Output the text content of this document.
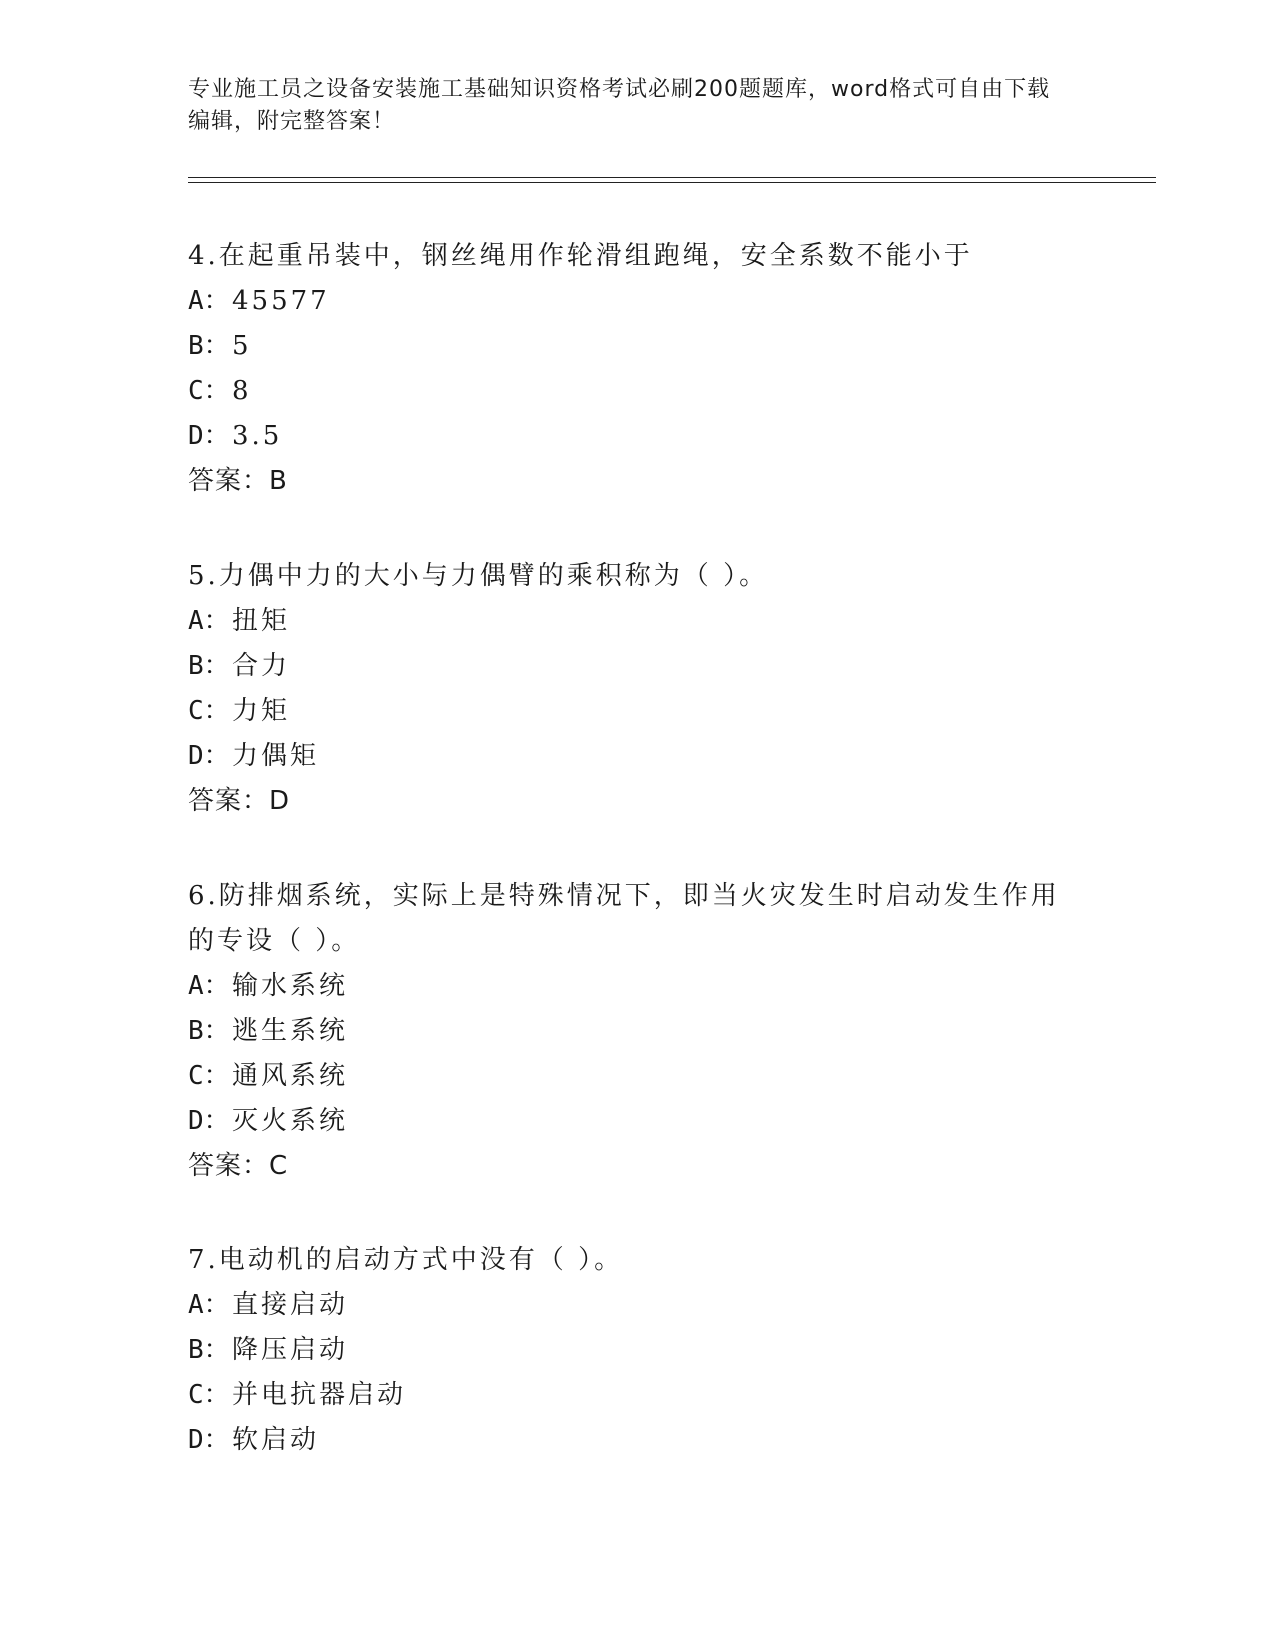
专业施工员之设备安装施工基础知识资格考试必刷200题题库，word格式可自由下载编辑，附完整答案！

4.在起重吊装中，钢丝绳用作轮滑组跑绳，安全系数不能小于

A：45577

B：5

C：8

D：3.5

答案：B

5.力偶中力的大小与力偶臂的乘积称为（ ）。

A：扭矩

B：合力

C：力矩

D：力偶矩

答案：D

6.防排烟系统，实际上是特殊情况下，即当火灾发生时启动发生作用的专设（ ）。

A：输水系统

B：逃生系统

C：通风系统

D：灭火系统

答案：C

7.电动机的启动方式中没有（ ）。

A：直接启动

B：降压启动

C：并电抗器启动

D：软启动
